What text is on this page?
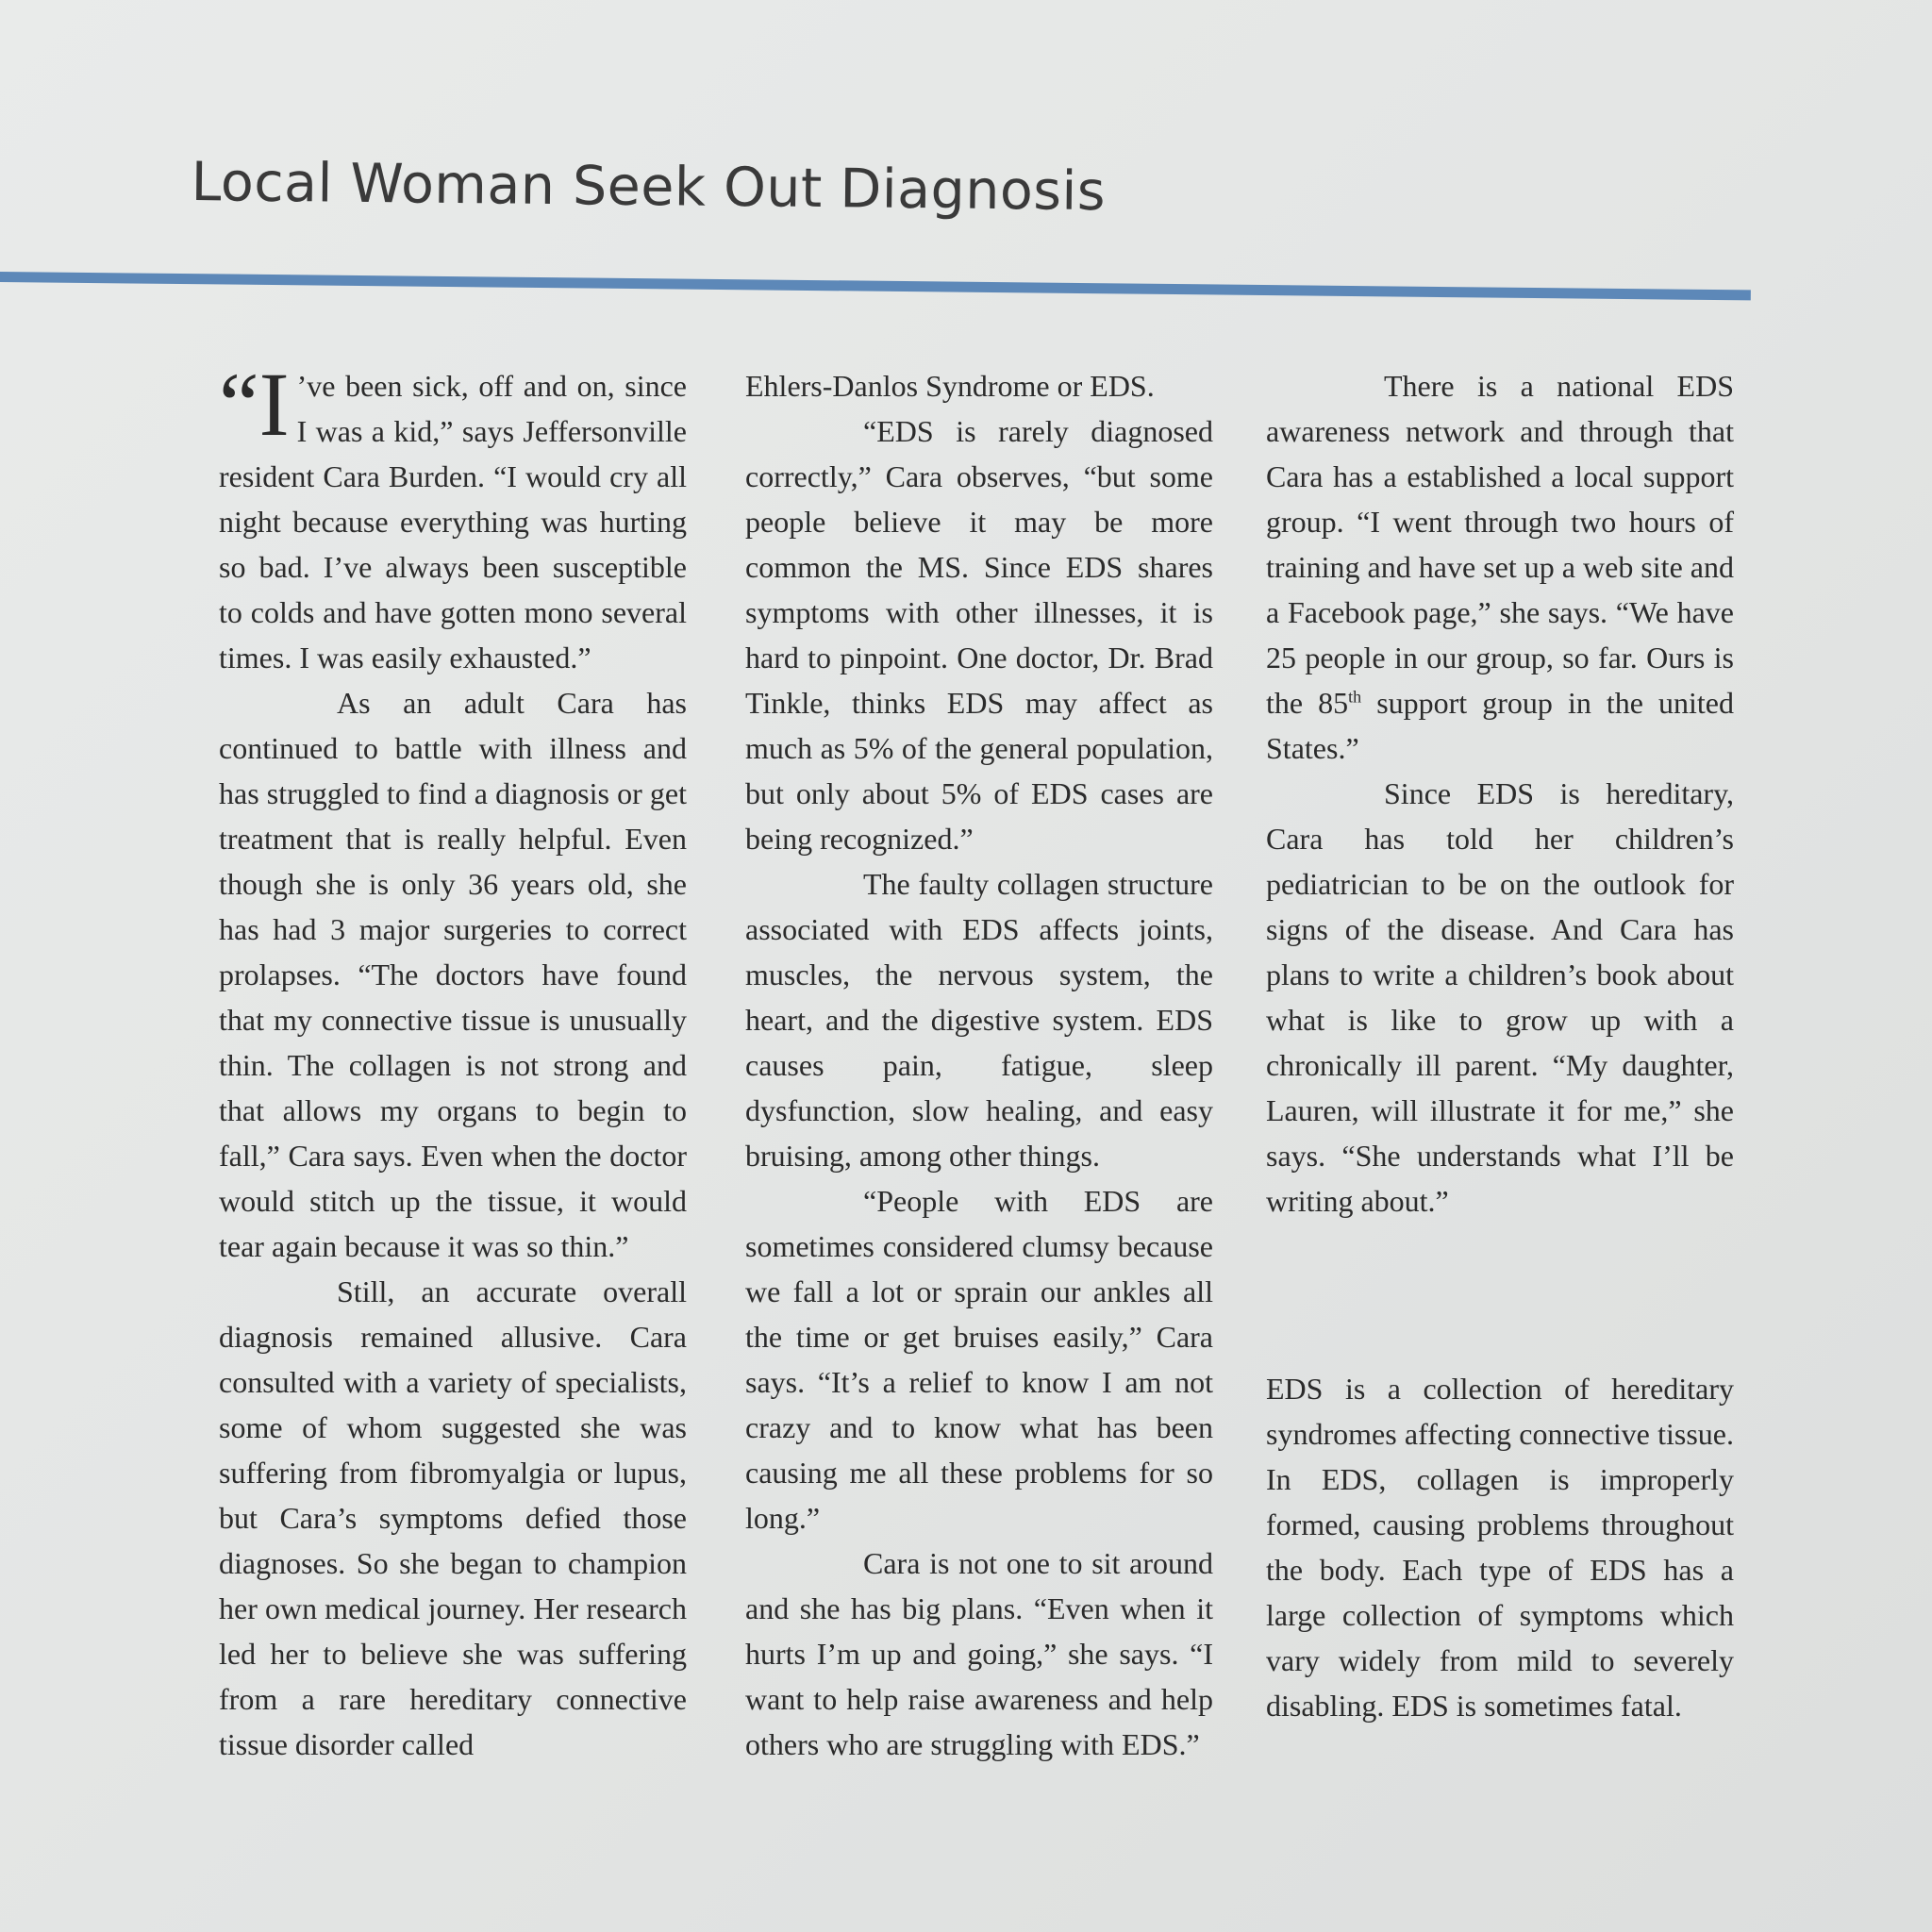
Local Woman Seek Out Diagnosis

“I ’ve been sick, off and on, since I was a kid,” says Jeffersonville resident Cara Burden. “I would cry all night because everything was hurting so bad. I’ve always been susceptible to colds and have gotten mono several times. I was easily exhausted.”

As an adult Cara has continued to battle with illness and has struggled to find a diagnosis or get treatment that is really helpful. Even though she is only 36 years old, she has had 3 major surgeries to correct prolapses. “The doctors have found that my connective tissue is unusually thin. The collagen is not strong and that allows my organs to begin to fall,” Cara says. Even when the doctor would stitch up the tissue, it would tear again because it was so thin.”

Still, an accurate overall diagnosis remained allusive. Cara consulted with a variety of specialists, some of whom suggested she was suffering from fibromyalgia or lupus, but Cara’s symptoms defied those diagnoses. So she began to champion her own medical journey. Her research led her to believe she was suffering from a rare hereditary connective tissue disorder called

Ehlers-Danlos Syndrome or EDS.

“EDS is rarely diagnosed correctly,” Cara observes, “but some people believe it may be more common the MS. Since EDS shares symptoms with other illnesses, it is hard to pinpoint. One doctor, Dr. Brad Tinkle, thinks EDS may affect as much as 5% of the general population, but only about 5% of EDS cases are being recognized.”

The faulty collagen structure associated with EDS affects joints, muscles, the nervous system, the heart, and the digestive system. EDS causes pain, fatigue, sleep dysfunction, slow healing, and easy bruising, among other things.

“People with EDS are sometimes considered clumsy because we fall a lot or sprain our ankles all the time or get bruises easily,” Cara says. “It’s a relief to know I am not crazy and to know what has been causing me all these problems for so long.”

Cara is not one to sit around and she has big plans. “Even when it hurts I’m up and going,” she says. “I want to help raise awareness and help others who are struggling with EDS.”

There is a national EDS awareness network and through that Cara has a established a local support group. “I went through two hours of training and have set up a web site and a Facebook page,” she says. “We have 25 people in our group, so far. Ours is the 85th support group in the united States.”

Since EDS is hereditary, Cara has told her children’s pediatrician to be on the outlook for signs of the disease. And Cara has plans to write a children’s book about what is like to grow up with a chronically ill parent. “My daughter, Lauren, will illustrate it for me,” she says. “She understands what I’ll be writing about.”

EDS is a collection of hereditary syndromes affecting connective tissue. In EDS, collagen is improperly formed, causing problems throughout the body. Each type of EDS has a large collection of symptoms which vary widely from mild to severely disabling. EDS is sometimes fatal.
